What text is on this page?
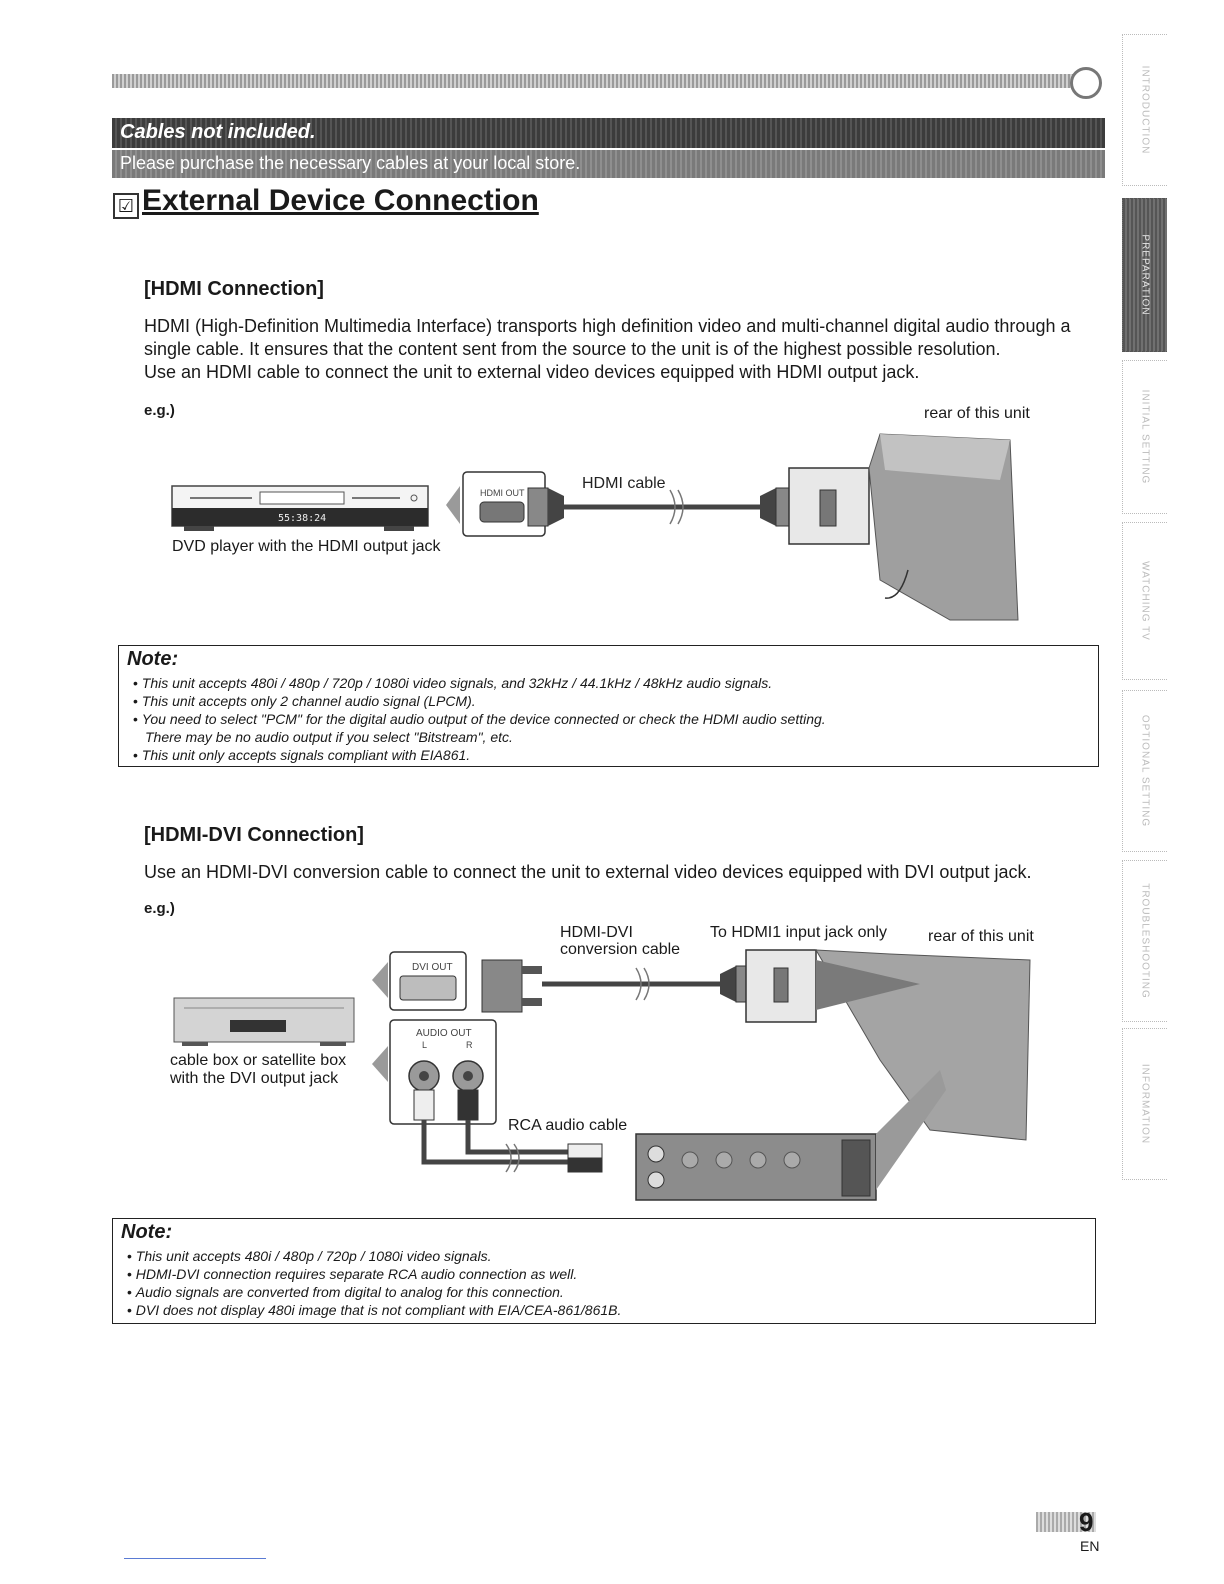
Cables not included.
Please purchase the necessary cables at your local store.
☑ External Device Connection
[HDMI Connection]
HDMI (High-Definition Multimedia Interface) transports high definition video and multi-channel digital audio through a single cable. It ensures that the content sent from the source to the unit is of the highest possible resolution.
Use an HDMI cable to connect the unit to external video devices equipped with HDMI output jack.
e.g.)	rear of this unit
55:38:24
HDMI OUT
HDMI cable
DVD player with the HDMI output jack
Note:
• This unit accepts 480i / 480p / 720p / 1080i video signals, and 32kHz / 44.1kHz / 48kHz audio signals.
• This unit accepts only 2 channel audio signal (LPCM).
• You need to select "PCM" for the digital audio output of the device connected or check the HDMI audio setting.
There may be no audio output if you select "Bitstream", etc.
• This unit only accepts signals compliant with EIA861.
[HDMI-DVI Connection]
Use an HDMI-DVI conversion cable to connect the unit to external video devices equipped with DVI output jack.
e.g.)
HDMI-DVI
conversion cable
To HDMI1 input jack only	rear of this unit
DVI OUT
AUDIO OUT
L	R
cable box or satellite box
with the DVI output jack
RCA audio cable
Note:
• This unit accepts 480i / 480p / 720p / 1080i video signals.
• HDMI-DVI connection requires separate RCA audio connection as well.
• Audio signals are converted from digital to analog for this connection.
• DVI does not display 480i image that is not compliant with EIA/CEA-861/861B.
INTRODUCTION
PREPARATION
INITIAL SETTING
WATCHING TV
OPTIONAL SETTING
TROUBLESHOOTING
INFORMATION
9
EN
